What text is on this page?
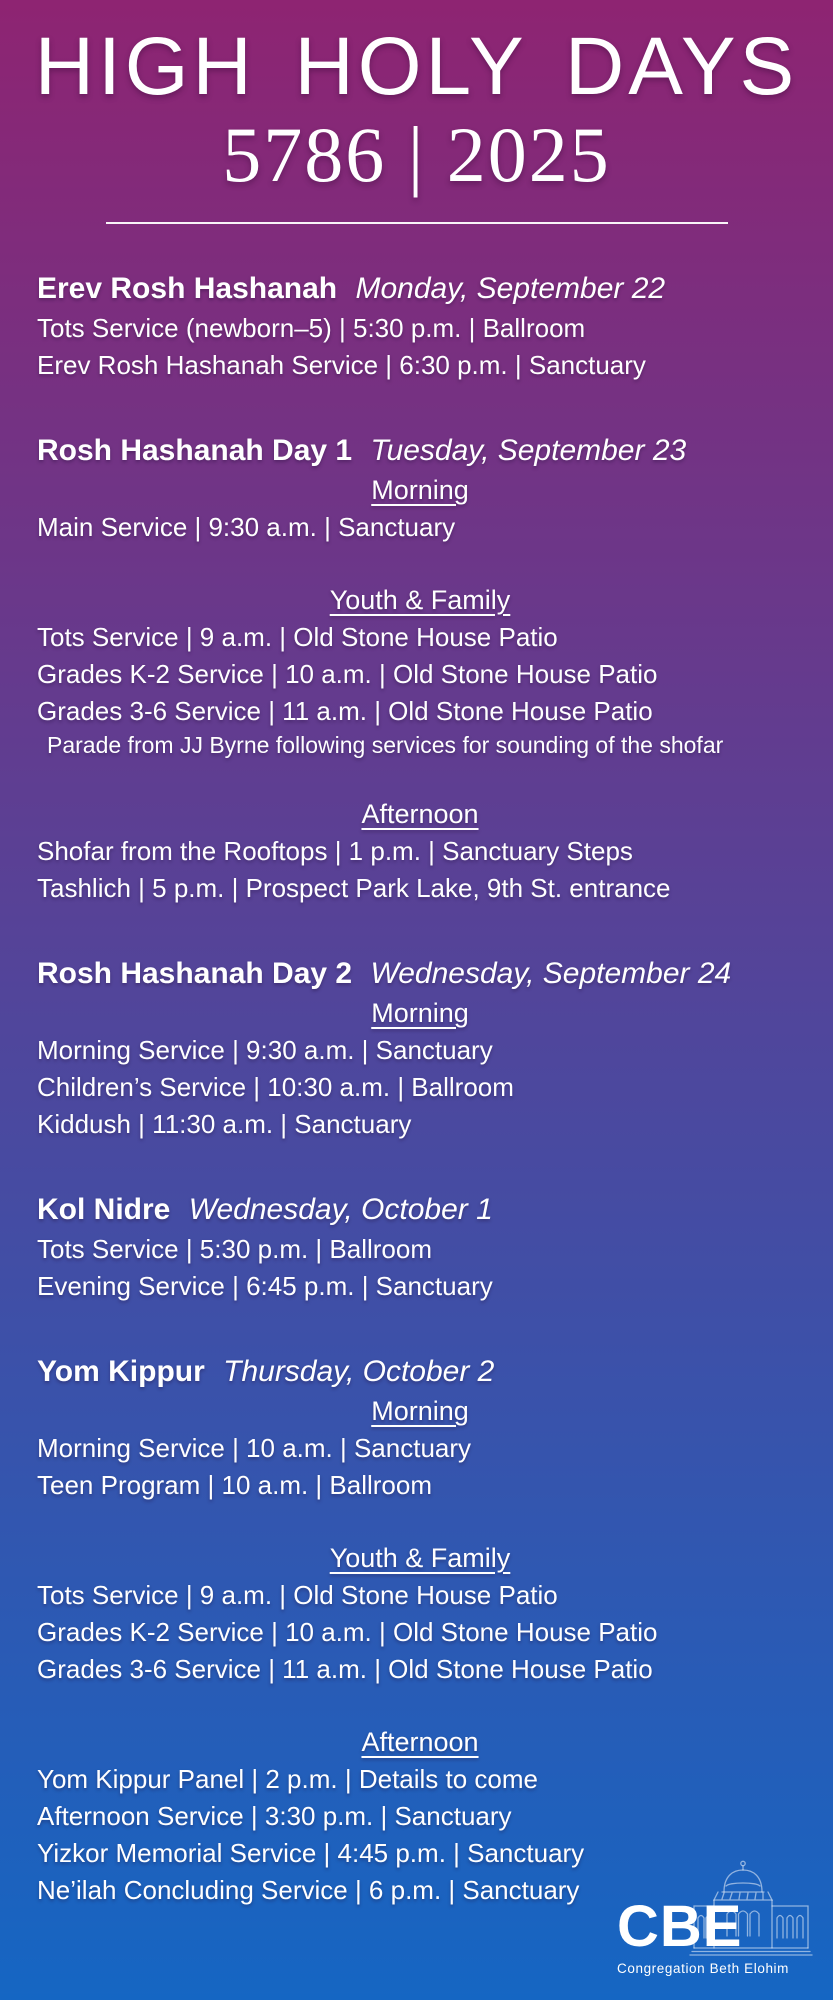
HIGH HOLY DAYS
5786 | 2025
Erev Rosh Hashanah Monday, September 22
Tots Service (newborn–5) | 5:30 p.m. | Ballroom
Erev Rosh Hashanah Service | 6:30 p.m. | Sanctuary
Rosh Hashanah Day 1 Tuesday, September 23
Morning
Main Service | 9:30 a.m. | Sanctuary
Youth & Family
Tots Service | 9 a.m. | Old Stone House Patio
Grades K-2 Service | 10 a.m. | Old Stone House Patio
Grades 3-6 Service | 11 a.m. | Old Stone House Patio
Parade from JJ Byrne following services for sounding of the shofar
Afternoon
Shofar from the Rooftops | 1 p.m. | Sanctuary Steps
Tashlich | 5 p.m. | Prospect Park Lake, 9th St. entrance
Rosh Hashanah Day 2 Wednesday, September 24
Morning
Morning Service | 9:30 a.m. | Sanctuary
Children’s Service | 10:30 a.m. | Ballroom
Kiddush | 11:30 a.m. | Sanctuary
Kol Nidre Wednesday, October 1
Tots Service | 5:30 p.m. | Ballroom
Evening Service | 6:45 p.m. | Sanctuary
Yom Kippur Thursday, October 2
Morning
Morning Service | 10 a.m. | Sanctuary
Teen Program | 10 a.m. | Ballroom
Youth & Family
Tots Service | 9 a.m. | Old Stone House Patio
Grades K-2 Service | 10 a.m. | Old Stone House Patio
Grades 3-6 Service | 11 a.m. | Old Stone House Patio
Afternoon
Yom Kippur Panel | 2 p.m. | Details to come
Afternoon Service | 3:30 p.m. | Sanctuary
Yizkor Memorial Service | 4:45 p.m. | Sanctuary
Ne’ilah Concluding Service | 6 p.m. | Sanctuary
CBE
Congregation Beth Elohim
